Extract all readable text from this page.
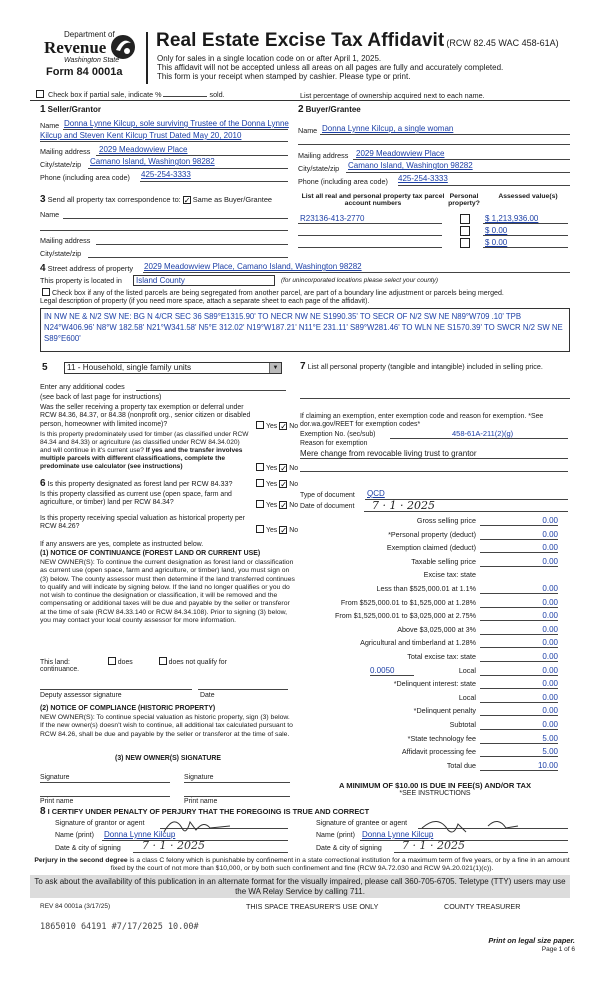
Department of
Revenue
Washington State
Form 84 0001a
Real Estate Excise Tax Affidavit (RCW 82.45 WAC 458-61A)
Only for sales in a single location code on or after April 1, 2025.
This affidavit will not be accepted unless all areas on all pages are fully and accurately completed.
This form is your receipt when stamped by cashier. Please type or print.
Check box if partial sale, indicate %	sold.	List percentage of ownership acquired next to each name.
1 Seller/Grantor
Name Donna Lynne Kilcup, sole surviving Trustee of the Donna Lynne
Kilcup and Steven Kent Kilcup Trust Dated May 20, 2010
Mailing address 2029 Meadowview Place
City/state/zip Camano Island, Washington 98282
Phone (including area code) 425-254-3333
2 Buyer/Grantee
Name Donna Lynne Kilcup, a single woman
Mailing address 2029 Meadowview Place
City/state/zip Camano Island, Washington 98282
Phone (including area code) 425-254-3333
3 Send all property tax correspondence to: ✓ Same as Buyer/Grantee
Name
Mailing address
City/state/zip
List all real and personal property tax parcel account numbers
Personal property?
Assessed value(s)
R23136-413-2770	$ 1,213,936.00
$ 0.00
$ 0.00
4 Street address of property 2029 Meadowview Place, Camano Island, Washington 98282
This property is located in	Island County	(for unincorporated locations please select your county)
Check box if any of the listed parcels are being segregated from another parcel, are part of a boundary line adjustment or parcels being merged.
Legal description of property (if you need more space, attach a separate sheet to each page of the affidavit).
IN NW NE & N/2 SW NE: BG N 4/CR SEC 36 S89°E1315.90' TO NECR NW NE S1990.35' TO SECR OF N/2 SW NE N89°W709 .10' TPB N24°W406.96' N8°W 182.58' N21°W341.58' N5°E 312.02' N19°W187.21' N11°E 231.11' S89°W281.46' TO WLN NE S1570.39' TO SWCR N/2 SW NE S89°E600'
5	11 - Household, single family units	▼
Enter any additional codes
(see back of last page for instructions)
Was the seller receiving a property tax exemption or deferral under RCW 84.36, 84.37, or 84.38 (nonprofit org., senior citizen or disabled person, homeowner with limited income)?	Yes ✓ No
Is this property predominately used for timber (as classified under RCW 84.34 and 84.33) or agriculture (as classified under RCW 84.34.020) and will continue in it's current use? If yes and the transfer involves multiple parcels with different classifications, complete the predominate use calculator (see instructions)	Yes ✓ No
6 Is this property designated as forest land per RCW 84.33?	Yes ✓ No
Is this property classified as current use (open space, farm and agriculture, or timber) land per RCW 84.34?	Yes ✓ No
Is this property receiving special valuation as historical property per RCW 84.26?
Yes ✓ No
If any answers are yes, complete as instructed below.
(1) NOTICE OF CONTINUANCE (FOREST LAND OR CURRENT USE)
NEW OWNER(S): To continue the current designation as forest land or classification as current use (open space, farm and agriculture, or timber) land, you must sign on (3) below. The county assessor must then determine if the land transferred continues to qualify and will indicate by signing below. If the land no longer qualifies or you do not wish to continue the designation or classification, it will be removed and the compensating or additional taxes will be due and payable by the seller or transferor at the time of sale (RCW 84.33.140 or RCW 84.34.108). Prior to signing (3) below, you may contact your local county assessor for more information.
This land:	does	does not qualify for
continuance.
Deputy assessor signature	Date
(2) NOTICE OF COMPLIANCE (HISTORIC PROPERTY)
NEW OWNER(S): To continue special valuation as historic property, sign (3) below. If the new owner(s) doesn't wish to continue, all additional tax calculated pursuant to RCW 84.26, shall be due and payable by the seller or transferor at the time of sale.
(3) NEW OWNER(S) SIGNATURE
Signature	Signature
Print name	Print name
7 List all personal property (tangible and intangible) included in selling price.
If claiming an exemption, enter exemption code and reason for exemption. *See dor.wa.gov/REET for exemption codes*
Exemption No. (sec/sub)	458-61A-211(2)(g)
Reason for exemption
Mere change from revocable living trust to grantor
Type of document QCD
Date of document 7 · 1 · 2025
Gross selling price	0.00
*Personal property (deduct)	0.00
Exemption claimed (deduct)	0.00
Taxable selling price	0.00
Excise tax: state
Less than $525,000.01 at 1.1%	0.00
From $525,000.01 to $1,525,000 at 1.28%	0.00
From $1,525,000.01 to $3,025,000 at 2.75%	0.00
Above $3,025,000 at 3%	0.00
Agricultural and timberland at 1.28%	0.00
Total excise tax: state	0.00
Local	0.00
0.0050
*Delinquent interest: state	0.00
Local	0.00
*Delinquent penalty	0.00
Subtotal	0.00
*State technology fee	5.00
Affidavit processing fee	5.00
Total due	10.00
A MINIMUM OF $10.00 IS DUE IN FEE(S) AND/OR TAX
*SEE INSTRUCTIONS
8 I CERTIFY UNDER PENALTY OF PERJURY THAT THE FOREGOING IS TRUE AND CORRECT
Signature of grantor or agent
Name (print) Donna Lynne Kilcup
Date & city of signing 7 · 1 · 2025
Signature of grantee or agent
Name (print) Donna Lynne Kilcup
Date & city of signing 7 · 1 · 2025
Perjury in the second degree is a class C felony which is punishable by confinement in a state correctional institution for a maximum term of five years, or by a fine in an amount fixed by the court of not more than $10,000, or by both such confinement and fine (RCW 9A.72.030 and RCW 9A.20.021(1)(c)).
To ask about the availability of this publication in an alternate format for the visually impaired, please call 360-705-6705. Teletype (TTY) users may use the WA Relay Service by calling 711.
REV 84 0001a (3/17/25)	THIS SPACE TREASURER'S USE ONLY	COUNTY TREASURER
1865010 64191 #7/17/2025 10.00#
Print on legal size paper.
Page 1 of 6
